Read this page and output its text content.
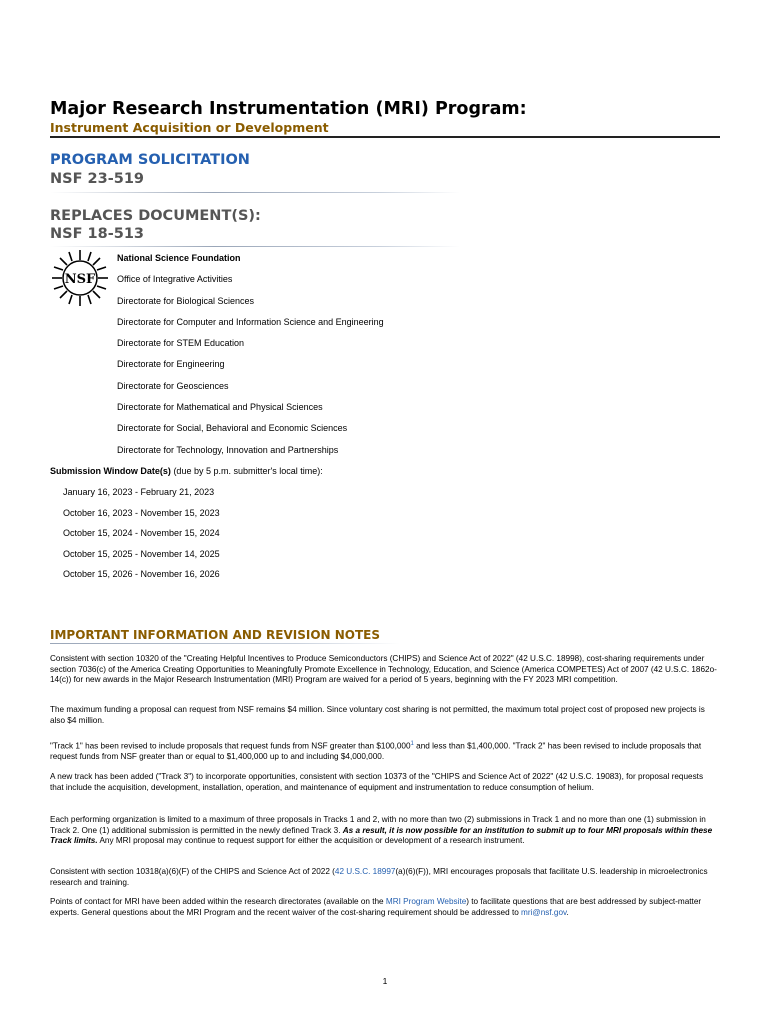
Major Research Instrumentation (MRI) Program:
Instrument Acquisition or Development
PROGRAM SOLICITATION
NSF 23-519
REPLACES DOCUMENT(S):
NSF 18-513
NSF
National Science Foundation
Office of Integrative Activities
Directorate for Biological Sciences
Directorate for Computer and Information Science and Engineering
Directorate for STEM Education
Directorate for Engineering
Directorate for Geosciences
Directorate for Mathematical and Physical Sciences
Directorate for Social, Behavioral and Economic Sciences
Directorate for Technology, Innovation and Partnerships
Submission Window Date(s) (due by 5 p.m. submitter's local time):
January 16, 2023 - February 21, 2023
October 16, 2023 - November 15, 2023
October 15, 2024 - November 15, 2024
October 15, 2025 - November 14, 2025
October 15, 2026 - November 16, 2026
IMPORTANT INFORMATION AND REVISION NOTES

Consistent with section 10320 of the "Creating Helpful Incentives to Produce Semiconductors (CHIPS) and Science Act of 2022" (42 U.S.C. 18998), cost-sharing requirements under section 7036(c) of the America Creating Opportunities to Meaningfully Promote Excellence in Technology, Education, and Science (America COMPETES) Act of 2007 (42 U.S.C. 1862o-14(c)) for new awards in the Major Research Instrumentation (MRI) Program are waived for a period of 5 years, beginning with the FY 2023 MRI competition.

The maximum funding a proposal can request from NSF remains $4 million. Since voluntary cost sharing is not permitted, the maximum total project cost of proposed new projects is also $4 million.

"Track 1" has been revised to include proposals that request funds from NSF greater than $100,000$^1$ and less than $1,400,000. "Track 2" has been revised to include proposals that request funds from NSF greater than or equal to $1,400,000 up to and including $4,000,000.

A new track has been added ("Track 3") to incorporate opportunities, consistent with section 10373 of the "CHIPS and Science Act of 2022" (42 U.S.C. 19083), for proposal requests that include the acquisition, development, installation, operation, and maintenance of equipment and instrumentation to reduce consumption of helium.

Each performing organization is limited to a maximum of three proposals in Tracks 1 and 2, with no more than two (2) submissions in Track 1 and no more than one (1) submission in Track 2. One (1) additional submission is permitted in the newly defined Track 3. As a result, it is now possible for an institution to submit up to four MRI proposals within these Track limits. Any MRI proposal may continue to request support for either the acquisition or development of a research instrument.

Consistent with section 10318(a)(6)(F) of the CHIPS and Science Act of 2022 (42 U.S.C. 18997(a)(6)(F)), MRI encourages proposals that facilitate U.S. leadership in microelectronics research and training.

Points of contact for MRI have been added within the research directorates (available on the MRI Program Website) to facilitate questions that are best addressed by subject-matter experts. General questions about the MRI Program and the recent waiver of the cost-sharing requirement should be addressed to mri@nsf.gov.

1
